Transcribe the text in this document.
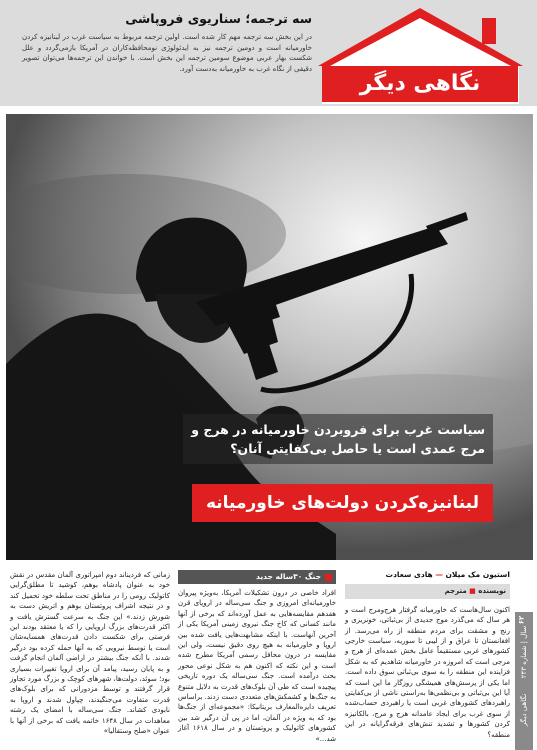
نگاهی دیگر
سه ترجمه؛ سناریوی فروپاشی
در این بخش سه ترجمه مهم کار شده است. اولین ترجمه مربوط به سیاست غرب در لبنانیزه کردن خاورمیانه است و دومین ترجمه نیز به ایدئولوژی نومحافظه‌کاران در آمریکا بازمی‌گردد و علل شکست بهار عربی موضوع سومین ترجمه این بخش است. با خواندن این ترجمه‌ها می‌توان تصویر دقیقی از نگاه غرب به خاورمیانه به‌دست آورد.
سیاست غرب برای فروبردن خاورمیانه در هرج و مرج عمدی است یا حاصل بی‌کفایتی آنان؟
لبنانیزه‌کردن دولت‌های خاورمیانه
نگاهی دیگر
سال | شماره ۲۴۳
۶۲
استیون مک میلان — هادی سعادت
نویسنده ■ مترجم

اکنون سال‌هاست که خاورمیانه گرفتار هرج‌ومرج است و هر سال که می‌گذرد موج جدیدی از بی‌ثباتی، خونریزی و رنج و مشقت برای مردم منطقه از راه می‌رسد. از افغانستان تا عراق و از لیبی تا سوریه، سیاست خارجی کشورهای غربی مستقیماً عامل بخش عمده‌ای از هرج و مرجی است که امروزه در خاورمیانه شاهدیم که به شکل فزاینده این منطقه را به سوی بی‌ثباتی سوق داده است. اما یکی از پرسش‌های همیشگی روزگار ما این است که آیا این بی‌ثباتی و بی‌نظمی‌ها به‌راستی ناشی از بی‌کفایتی راهبردهای کشورهای غربی است یا راهبردی حساب‌شده از سوی غرب برای ایجاد عامدانه هرج و مرج، بالکانیزه کردن کشورها و تشدید تنش‌های فرقه‌گرایانه در این منطقه؟

جنگ ۳۰ساله جدید

افراد خاصی در درون تشکیلات آمریکا، به‌ویژه پیروان خاورمیانه‌ای امروزی و جنگ سی‌ساله در اروپای قرن هفدهم مقایسه‌هایی به عمل آورده‌اند که برخی از آنها مانند کسانی که کاخ جنگ نیروی زمینی آمریکا یکی از آخرین آنهاست. با اینکه مشابهت‌هایی یافت شده بین اروپا و خاورمیانه به هیچ روی دقیق نیست، ولی این مقایسه در درون محافل رسمی آمریکا مطرح شده است و این نکته که اکنون هم به شکل نوعی محور بحث درآمده است. جنگ سی‌ساله یک دوره تاریخی پیچیده است که طی آن بلوک‌های قدرت به دلایل متنوع به جنگ‌ها و کشمکش‌های متعددی دست زدند. براساس تعریف دایره‌المعارف بریتانیکا: «مجموعه‌ای از جنگ‌ها بود که به ویژه در آلمان، اما در پی آن درگیر شد بین کشورهای کاتولیک و پروتستان و در سال ۱۶۱۸ آغاز شد...»

زمانی که فردیناند دوم امپراتوری آلمان مقدس در نقش خود به عنوان پادشاه بوهم، کوشید تا مطلق‌گرایی کاتولیک رومی را در مناطق تحت سلطه خود تحمیل کند و در نتیجه اشراف پروتستان بوهم و اتریش دست به شورش زدند.» این جنگ به سرعت گسترش یافت و اکثر قدرت‌های بزرگ اروپایی را که یا معتقد بودند این فرصتی برای شکست دادن قدرت‌های همسایه‌شان است یا توسط نیرویی که به آنها حمله کرده بود درگیر شدند. با آنکه جنگ بیشتر در اراضی آلمان انجام گرفت و به پایان رسید، پیامد آن برای اروپا تغییرات بسیاری بود؛ سوئد، دولت‌ها، شهرهای کوچک و بزرگ مورد تجاوز قرار گرفتند و توسط مزدورانی که برای بلوک‌های قدرت متفاوت می‌جنگیدند، چپاول شدند و اروپا به نابودی کشاند. جنگ سی‌ساله با امضای یک رشته معاهدات در سال ۱۶۴۸ خاتمه یافت که برخی از آنها با عنوان «صلح وستفالیا»
